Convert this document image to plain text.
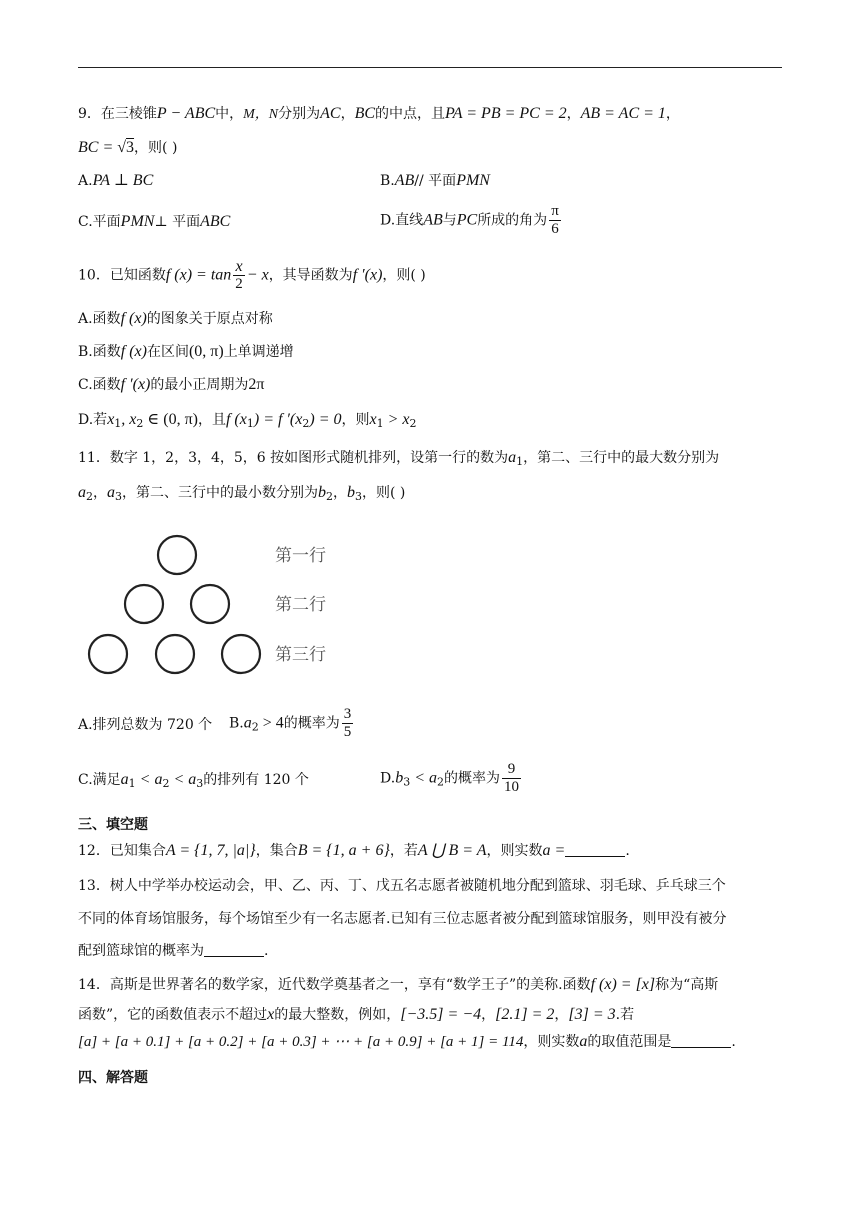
9．在三棱锥P − ABC中，M，N分别为AC，BC的中点，且PA = PB = PC = 2，AB = AC = 1，
BC = √3，则( )
A.PA ⊥ BC	B.AB// 平面PMN
C.平面PMN⊥ 平面ABC	D.直线AB与PC所成的角为 $\frac{\pi}{6}$
10．已知函数f $(x) = \tan \frac{x}{2} - x$，其导函数为f ′(x)，则( )
A.函数f (x)的图象关于原点对称
B.函数f (x)在区间(0, π)上单调递增
C.函数f ′(x)的最小正周期为2π
D.若$x_1$, $x_2$ ∈ (0, π)，且f $(x_1) = f$ $'(x_2) = 0$，则$x_1 > x_2$
11．数字 1，2，3，4，5，6 按如图形式随机排列，设第一行的数为$a_1$，第二、三行中的最大数分别为
$a_2$，$a_3$，第二、三行中的最小数分别为$b_2$，$b_3$，则( )
第一行
第二行
第三行
A.排列总数为 720 个 $B.a_2 > 4$的概率为 $\frac{3}{5}$
C.满足$a_1 < a_2 < a_3$的排列有 120 个	$D.b_3 < a_2$的概率为 $\frac{9}{10}$
三、填空题
12．已知集合A = {1, 7, |a|}，集合B = {1, a + 6}，若A ⋃ B = A，则实数a =	.
13．树人中学举办校运动会，甲、乙、丙、丁、戊五名志愿者被随机地分配到篮球、羽毛球、乒乓球三个
不同的体育场馆服务，每个场馆至少有一名志愿者.已知有三位志愿者被分配到篮球馆服务，则甲没有被分
配到篮球馆的概率为	.
14．高斯是世界著名的数学家，近代数学奠基者之一，享有“数学王子”的美称.函数f (x) = [x]称为“高斯
函数”，它的函数值表示不超过x的最大整数，例如，[−3.5] = −4，[2.1] = 2，[3] = 3.若
[a] + [a + 0.1] + [a + 0.2] + [a + 0.3] + ⋯ + [a + 0.9] + [a + 1] = 114，则实数a的取值范围是	.
四、解答题
